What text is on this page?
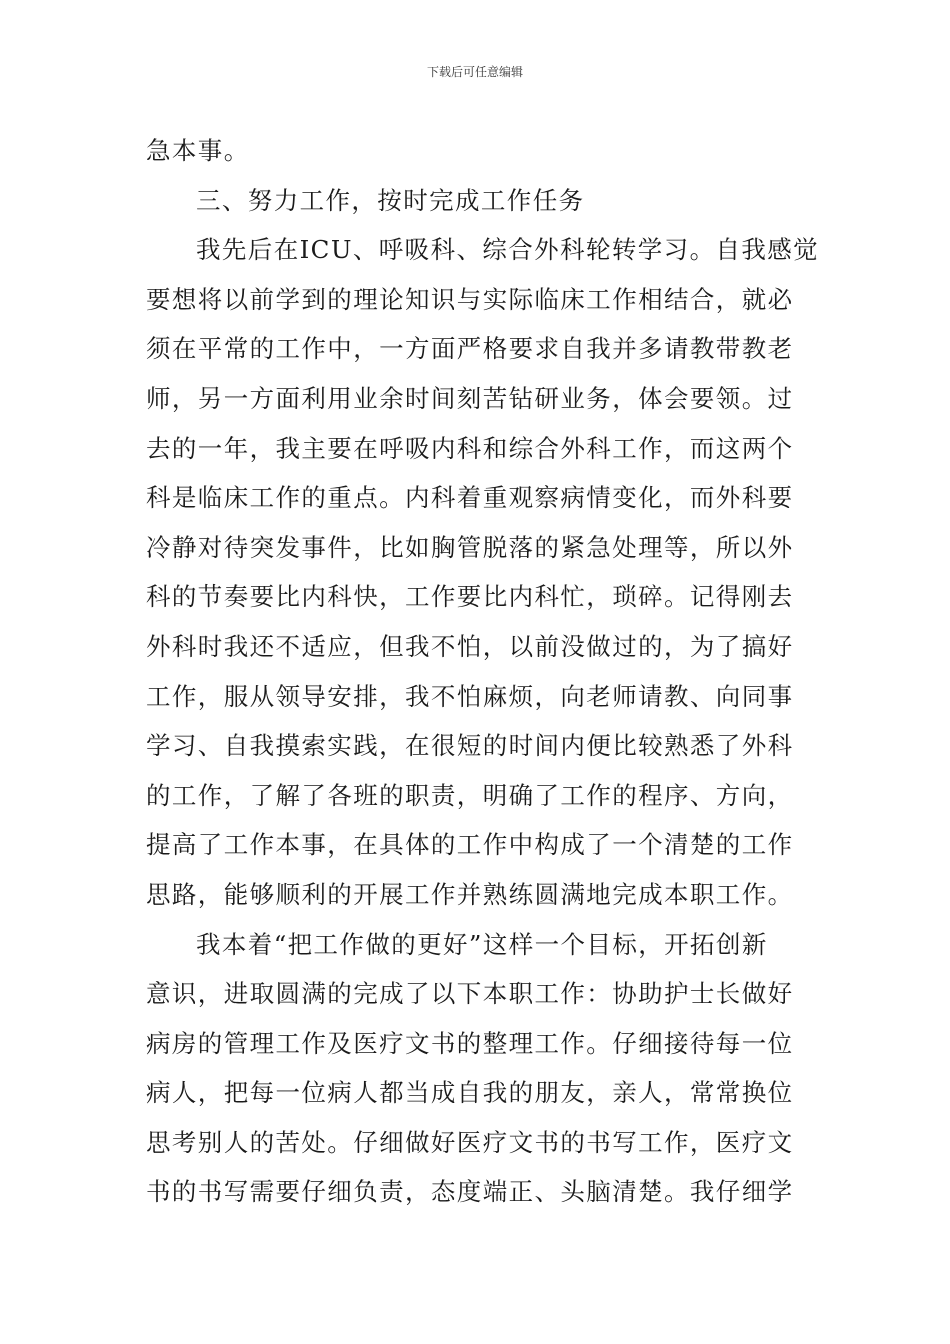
下载后可任意编辑
急本事。
三、努力工作，按时完成工作任务
我先后在ICU、呼吸科、综合外科轮转学习。自我感觉
要想将以前学到的理论知识与实际临床工作相结合，就必
须在平常的工作中，一方面严格要求自我并多请教带教老
师，另一方面利用业余时间刻苦钻研业务，体会要领。过
去的一年，我主要在呼吸内科和综合外科工作，而这两个
科是临床工作的重点。内科着重观察病情变化，而外科要
冷静对待突发事件，比如胸管脱落的紧急处理等，所以外
科的节奏要比内科快，工作要比内科忙，琐碎。记得刚去
外科时我还不适应，但我不怕，以前没做过的，为了搞好
工作，服从领导安排，我不怕麻烦，向老师请教、向同事
学习、自我摸索实践，在很短的时间内便比较熟悉了外科
的工作，了解了各班的职责，明确了工作的程序、方向，
提高了工作本事，在具体的工作中构成了一个清楚的工作
思路，能够顺利的开展工作并熟练圆满地完成本职工作。
我本着“把工作做的更好”这样一个目标，开拓创新
意识，进取圆满的完成了以下本职工作：协助护士长做好
病房的管理工作及医疗文书的整理工作。仔细接待每一位
病人，把每一位病人都当成自我的朋友，亲人，常常换位
思考别人的苦处。仔细做好医疗文书的书写工作，医疗文
书的书写需要仔细负责，态度端正、头脑清楚。我仔细学
